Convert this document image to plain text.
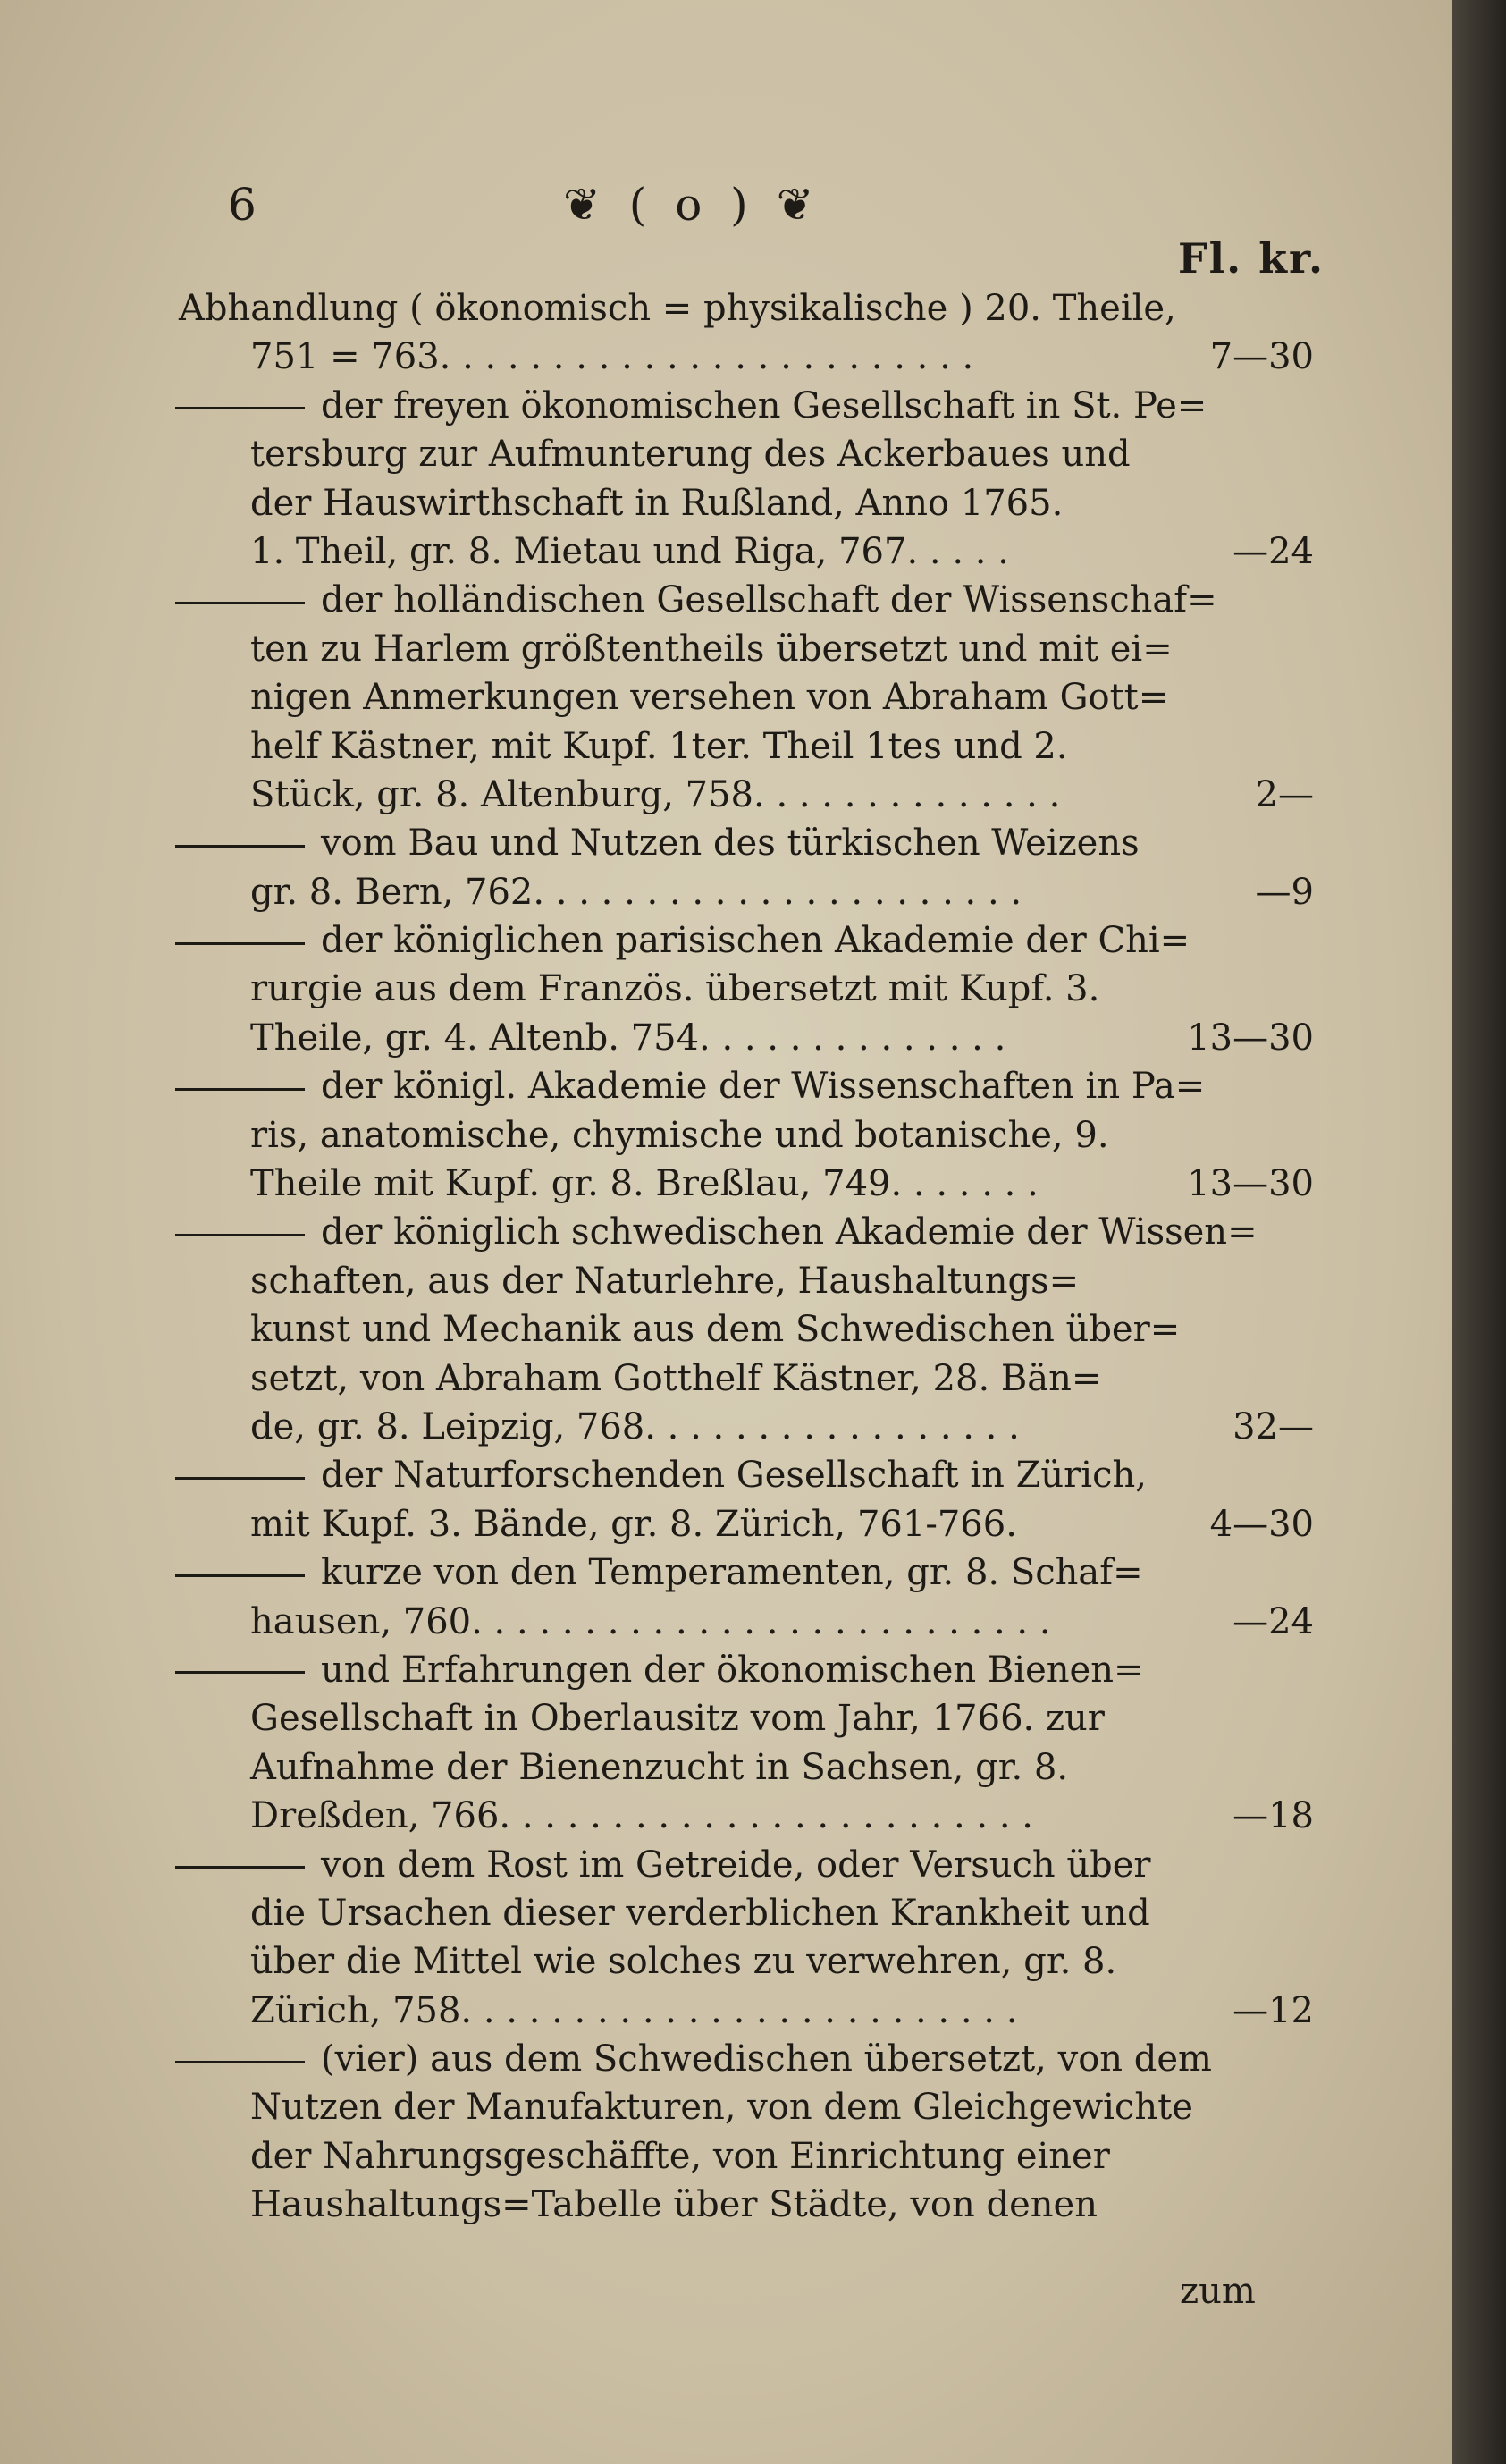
6	❦ ( o ) ❦
Fl. kr.
Abhandlung ( ökonomisch = physikalische ) 20. Theile,
751 = 763. . . . . . . . . . . . . . . . . . . . . . . .	7—30
der freyen ökonomischen Gesellschaft in St. Pe=
tersburg zur Aufmunterung des Ackerbaues und
der Hauswirthschaft in Rußland, Anno 1765.
1. Theil, gr. 8. Mietau und Riga, 767. . . . .	—24
der holländischen Gesellschaft der Wissenschaf=
ten zu Harlem größtentheils übersetzt und mit ei=
nigen Anmerkungen versehen von Abraham Gott=
helf Kästner, mit Kupf. 1ter. Theil 1tes und 2.
Stück, gr. 8. Altenburg, 758. . . . . . . . . . . . . .	2—
vom Bau und Nutzen des türkischen Weizens
gr. 8. Bern, 762. . . . . . . . . . . . . . . . . . . . . .	—9
der königlichen parisischen Akademie der Chi=
rurgie aus dem Französ. übersetzt mit Kupf. 3.
Theile, gr. 4. Altenb. 754. . . . . . . . . . . . . .	13—30
der königl. Akademie der Wissenschaften in Pa=
ris, anatomische, chymische und botanische, 9.
Theile mit Kupf. gr. 8. Breßlau, 749. . . . . . .	13—30
der königlich schwedischen Akademie der Wissen=
schaften, aus der Naturlehre, Haushaltungs=
kunst und Mechanik aus dem Schwedischen über=
setzt, von Abraham Gotthelf Kästner, 28. Bän=
de, gr. 8. Leipzig, 768. . . . . . . . . . . . . . . . .	32—
der Naturforschenden Gesellschaft in Zürich,
mit Kupf. 3. Bände, gr. 8. Zürich, 761-766.	4—30
kurze von den Temperamenten, gr. 8. Schaf=
hausen, 760. . . . . . . . . . . . . . . . . . . . . . . . . .	—24
und Erfahrungen der ökonomischen Bienen=
Gesellschaft in Oberlausitz vom Jahr, 1766. zur
Aufnahme der Bienenzucht in Sachsen, gr. 8.
Dreßden, 766. . . . . . . . . . . . . . . . . . . . . . . .	—18
von dem Rost im Getreide, oder Versuch über
die Ursachen dieser verderblichen Krankheit und
über die Mittel wie solches zu verwehren, gr. 8.
Zürich, 758. . . . . . . . . . . . . . . . . . . . . . . . .	—12
(vier) aus dem Schwedischen übersetzt, von dem
Nutzen der Manufakturen, von dem Gleichgewichte
der Nahrungsgeschäffte, von Einrichtung einer
Haushaltungs=Tabelle über Städte, von denen
zum
